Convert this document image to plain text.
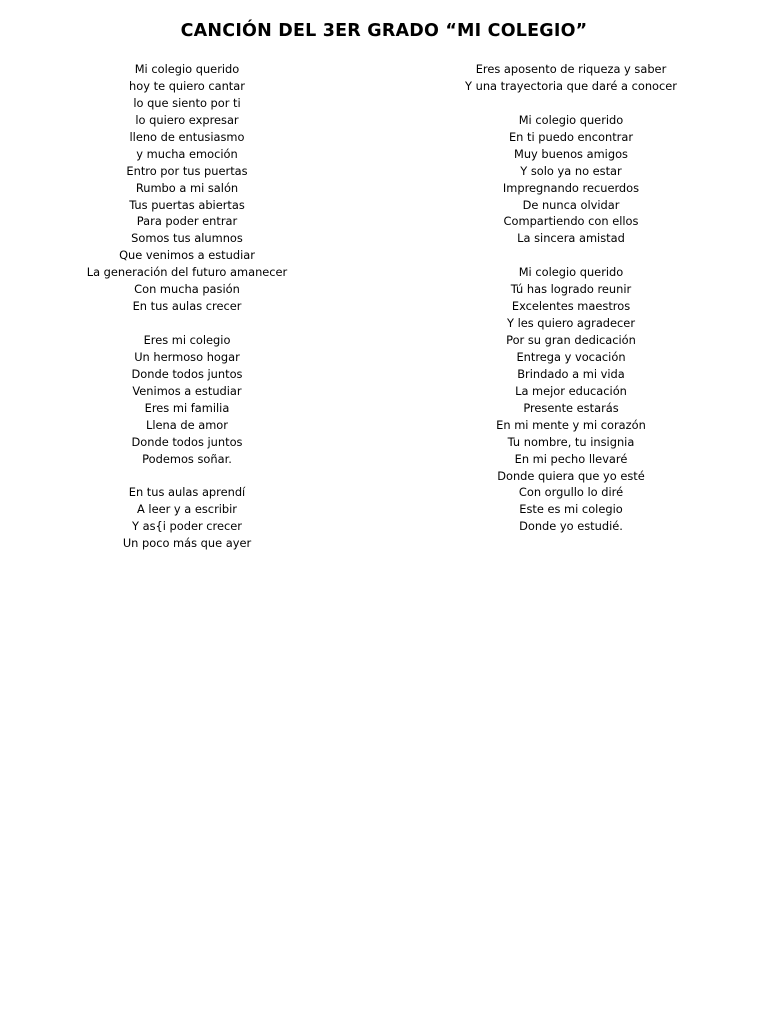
CANCIÓN DEL 3ER GRADO “MI COLEGIO”
Mi colegio querido
hoy te quiero cantar
lo que siento por ti
lo quiero expresar
lleno de entusiasmo
y mucha emoción
Entro por tus puertas
Rumbo a mi salón
Tus puertas abiertas
Para poder entrar
Somos tus alumnos
Que venimos a estudiar
La generación del futuro amanecer
Con mucha pasión
En tus aulas crecer
Eres mi colegio
Un hermoso hogar
Donde todos juntos
Venimos a estudiar
Eres mi familia
Llena de amor
Donde todos juntos
Podemos soñar.
En tus aulas aprendí
A leer y a escribir
Y as{i poder crecer
Un poco más que ayer
Eres aposento de riqueza y saber
Y una trayectoria que daré a conocer
Mi colegio querido
En ti puedo encontrar
Muy buenos amigos
Y solo ya no estar
Impregnando recuerdos
De nunca olvidar
Compartiendo con ellos
La sincera amistad
Mi colegio querido
Tú has logrado reunir
Excelentes maestros
Y les quiero agradecer
Por su gran dedicación
Entrega y vocación
Brindado a mi vida
La mejor educación
Presente estarás
En mi mente y mi corazón
Tu nombre, tu insignia
En mi pecho llevaré
Donde quiera que yo esté
Con orgullo lo diré
Este es mi colegio
Donde yo estudié.
